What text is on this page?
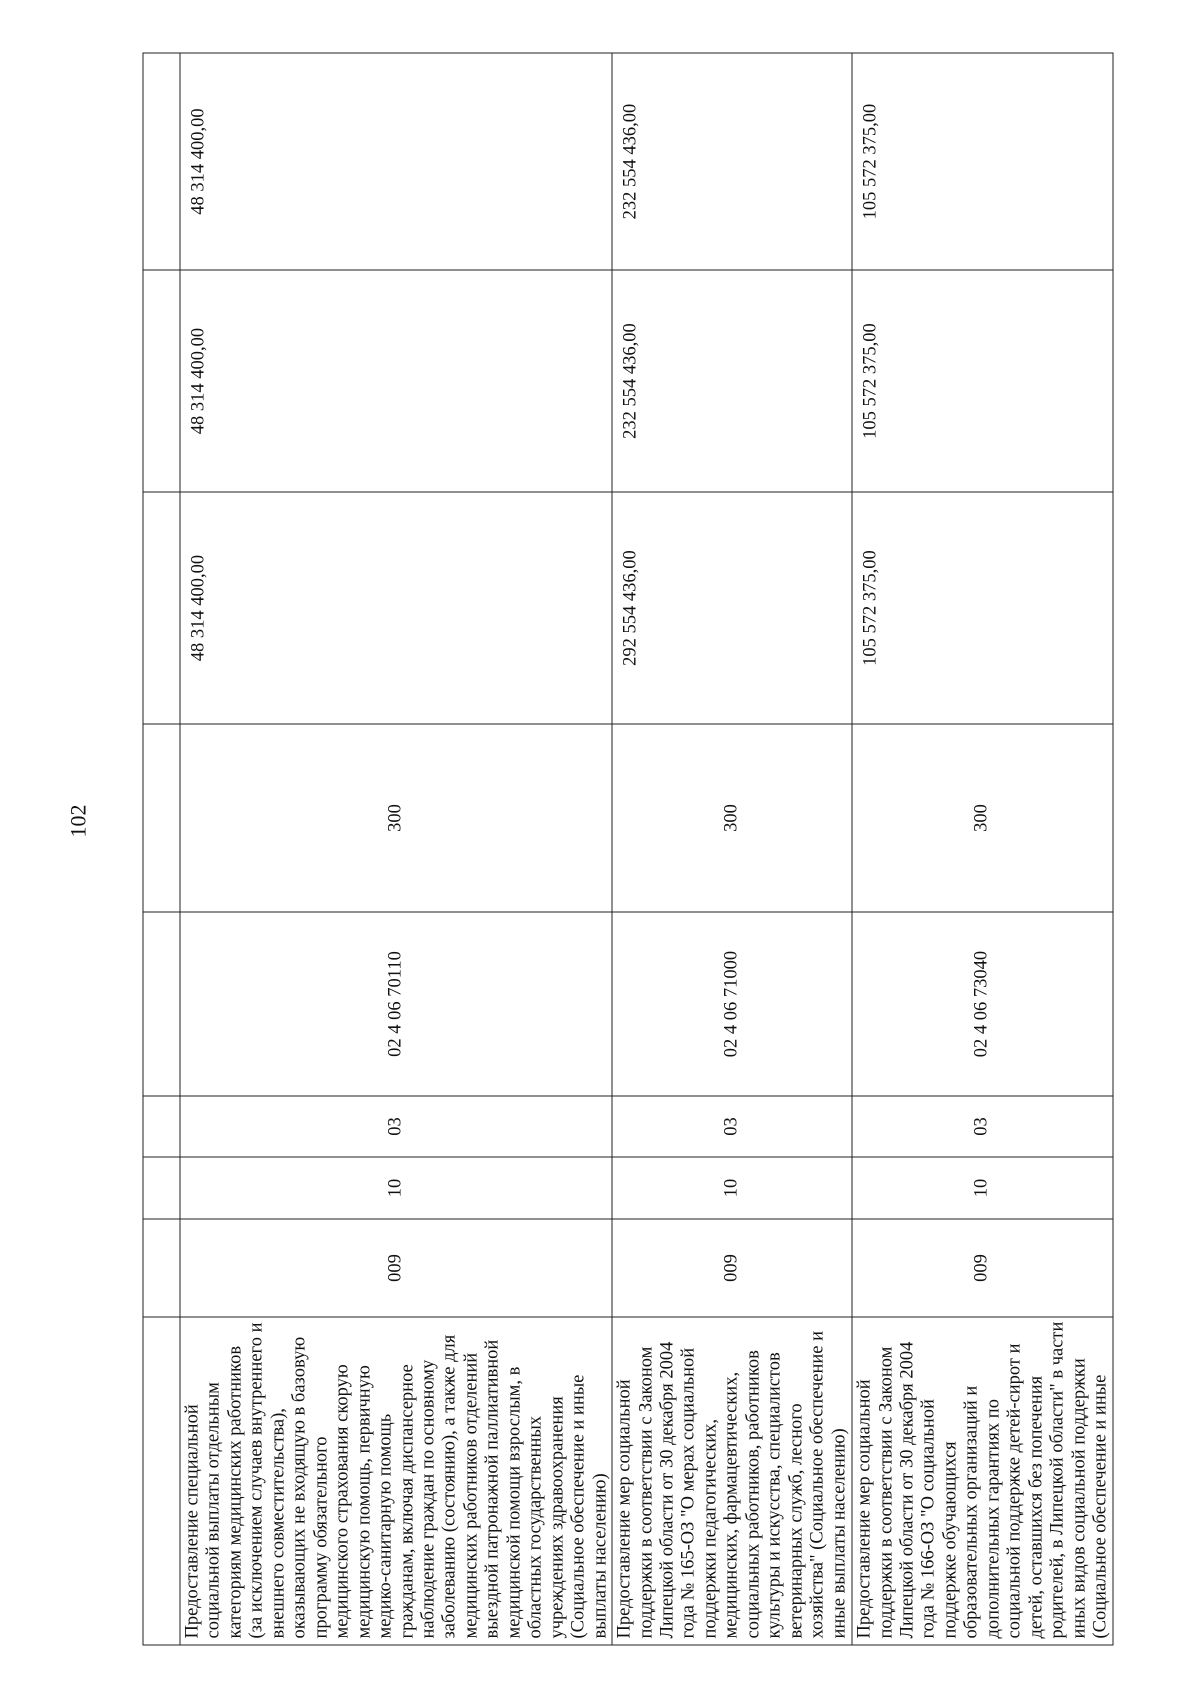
102

Предоставление специальной социальной выплаты отдельным категориям медицинских работников (за исключением случаев внутреннего и внешнего совместительства), оказывающих не входящую в базовую программу обязательного медицинского страхования скорую медицинскую помощь, первичную медико-санитарную помощь гражданам, включая диспансерное наблюдение граждан по основному заболеванию (состоянию), а также для медицинских работников отделений выездной патронажной паллиативной медицинской помощи взрослым, в областных государственных учреждениях здравоохранения (Социальное обеспечение и иные выплаты населению)	009	10	03	02 4 06 70110	300	48 314 400,00	48 314 400,00	48 314 400,00

Предоставление мер социальной поддержки в соответствии с Законом Липецкой области от 30 декабря 2004 года № 165-ОЗ "О мерах социальной поддержки педагогических, медицинских, фармацевтических, социальных работников, работников культуры и искусства, специалистов ветеринарных служб, лесного хозяйства" (Социальное обеспечение и иные выплаты населению)	009	10	03	02 4 06 71000	300	292 554 436,00	232 554 436,00	232 554 436,00

Предоставление мер социальной поддержки в соответствии с Законом Липецкой области от 30 декабря 2004 года № 166-ОЗ "О социальной поддержке обучающихся образовательных организаций и дополнительных гарантиях по социальной поддержке детей-сирот и детей, оставшихся без попечения родителей, в Липецкой области" в части иных видов социальной поддержки (Социальное обеспечение и иные	009	10	03	02 4 06 73040	300	105 572 375,00	105 572 375,00	105 572 375,00
